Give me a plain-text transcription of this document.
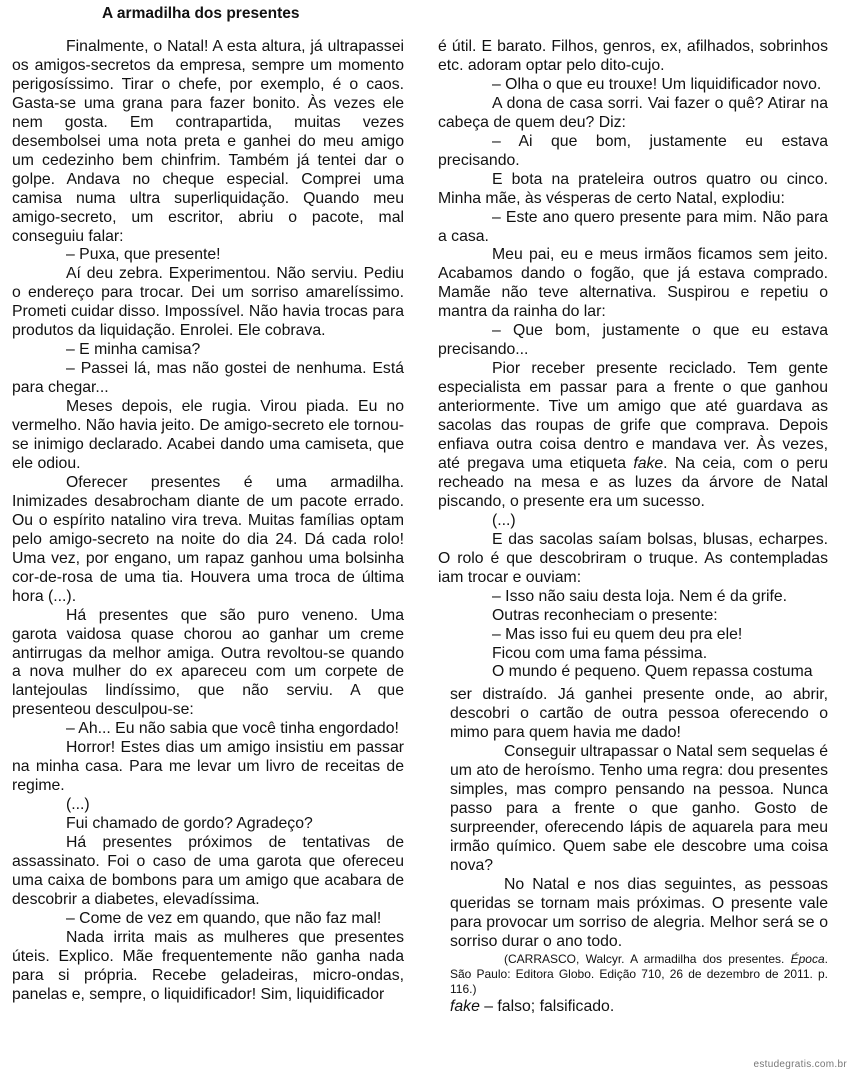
A armadilha dos presentes

Finalmente, o Natal! A esta altura, já ultrapassei os amigos-secretos da empresa, sempre um momento perigosíssimo. Tirar o chefe, por exemplo, é o caos. Gasta-se uma grana para fazer bonito. Às vezes ele nem gosta. Em contrapartida, muitas vezes desembolsei uma nota preta e ganhei do meu amigo um cedezinho bem chinfrim. Também já tentei dar o golpe. Andava no cheque especial. Comprei uma camisa numa ultra superliquidação. Quando meu amigo-secreto, um escritor, abriu o pacote, mal conseguiu falar:

– Puxa, que presente!

Aí deu zebra. Experimentou. Não serviu. Pediu o endereço para trocar. Dei um sorriso amarelíssimo. Prometi cuidar disso. Impossível. Não havia trocas para produtos da liquidação. Enrolei. Ele cobrava.

– E minha camisa?

– Passei lá, mas não gostei de nenhuma. Está para chegar...

Meses depois, ele rugia. Virou piada. Eu no vermelho. Não havia jeito. De amigo-secreto ele tornou-se inimigo declarado. Acabei dando uma camiseta, que ele odiou.

Oferecer presentes é uma armadilha. Inimizades desabrocham diante de um pacote errado. Ou o espírito natalino vira treva. Muitas famílias optam pelo amigo-secreto na noite do dia 24. Dá cada rolo! Uma vez, por engano, um rapaz ganhou uma bolsinha cor-de-rosa de uma tia. Houvera uma troca de última hora (...).

Há presentes que são puro veneno. Uma garota vaidosa quase chorou ao ganhar um creme antirrugas da melhor amiga. Outra revoltou-se quando a nova mulher do ex apareceu com um corpete de lantejoulas lindíssimo, que não serviu. A que presenteou desculpou-se:

– Ah... Eu não sabia que você tinha engordado!

Horror! Estes dias um amigo insistiu em passar na minha casa. Para me levar um livro de receitas de regime.

(...)

Fui chamado de gordo? Agradeço?

Há presentes próximos de tentativas de assassinato. Foi o caso de uma garota que ofereceu uma caixa de bombons para um amigo que acabara de descobrir a diabetes, elevadíssima.

– Come de vez em quando, que não faz mal!

Nada irrita mais as mulheres que presentes úteis. Explico. Mãe frequentemente não ganha nada para si própria. Recebe geladeiras, micro-ondas, panelas e, sempre, o liquidificador! Sim, liquidificador

é útil. E barato. Filhos, genros, ex, afilhados, sobrinhos etc. adoram optar pelo dito-cujo.

– Olha o que eu trouxe! Um liquidificador novo.

A dona de casa sorri. Vai fazer o quê? Atirar na cabeça de quem deu? Diz:

– Ai que bom, justamente eu estava precisando.

E bota na prateleira outros quatro ou cinco. Minha mãe, às vésperas de certo Natal, explodiu:

– Este ano quero presente para mim. Não para a casa.

Meu pai, eu e meus irmãos ficamos sem jeito. Acabamos dando o fogão, que já estava comprado. Mamãe não teve alternativa. Suspirou e repetiu o mantra da rainha do lar:

– Que bom, justamente o que eu estava precisando...

Pior receber presente reciclado. Tem gente especialista em passar para a frente o que ganhou anteriormente. Tive um amigo que até guardava as sacolas das roupas de grife que comprava. Depois enfiava outra coisa dentro e mandava ver. Às vezes, até pregava uma etiqueta fake. Na ceia, com o peru recheado na mesa e as luzes da árvore de Natal piscando, o presente era um sucesso.

(...)

E das sacolas saíam bolsas, blusas, echarpes. O rolo é que descobriram o truque. As contempladas iam trocar e ouviam:

– Isso não saiu desta loja. Nem é da grife.

Outras reconheciam o presente:

– Mas isso fui eu quem deu pra ele!

Ficou com uma fama péssima.

O mundo é pequeno. Quem repassa costuma

ser distraído. Já ganhei presente onde, ao abrir, descobri o cartão de outra pessoa oferecendo o mimo para quem havia me dado!

Conseguir ultrapassar o Natal sem sequelas é um ato de heroísmo. Tenho uma regra: dou presentes simples, mas compro pensando na pessoa. Nunca passo para a frente o que ganho. Gosto de surpreender, oferecendo lápis de aquarela para meu irmão químico. Quem sabe ele descobre uma coisa nova?

No Natal e nos dias seguintes, as pessoas queridas se tornam mais próximas. O presente vale para provocar um sorriso de alegria. Melhor será se o sorriso durar o ano todo.

(CARRASCO, Walcyr. A armadilha dos presentes. Época. São Paulo: Editora Globo. Edição 710, 26 de dezembro de 2011. p. 116.)

fake – falso; falsificado.

estudegratis.com.br
